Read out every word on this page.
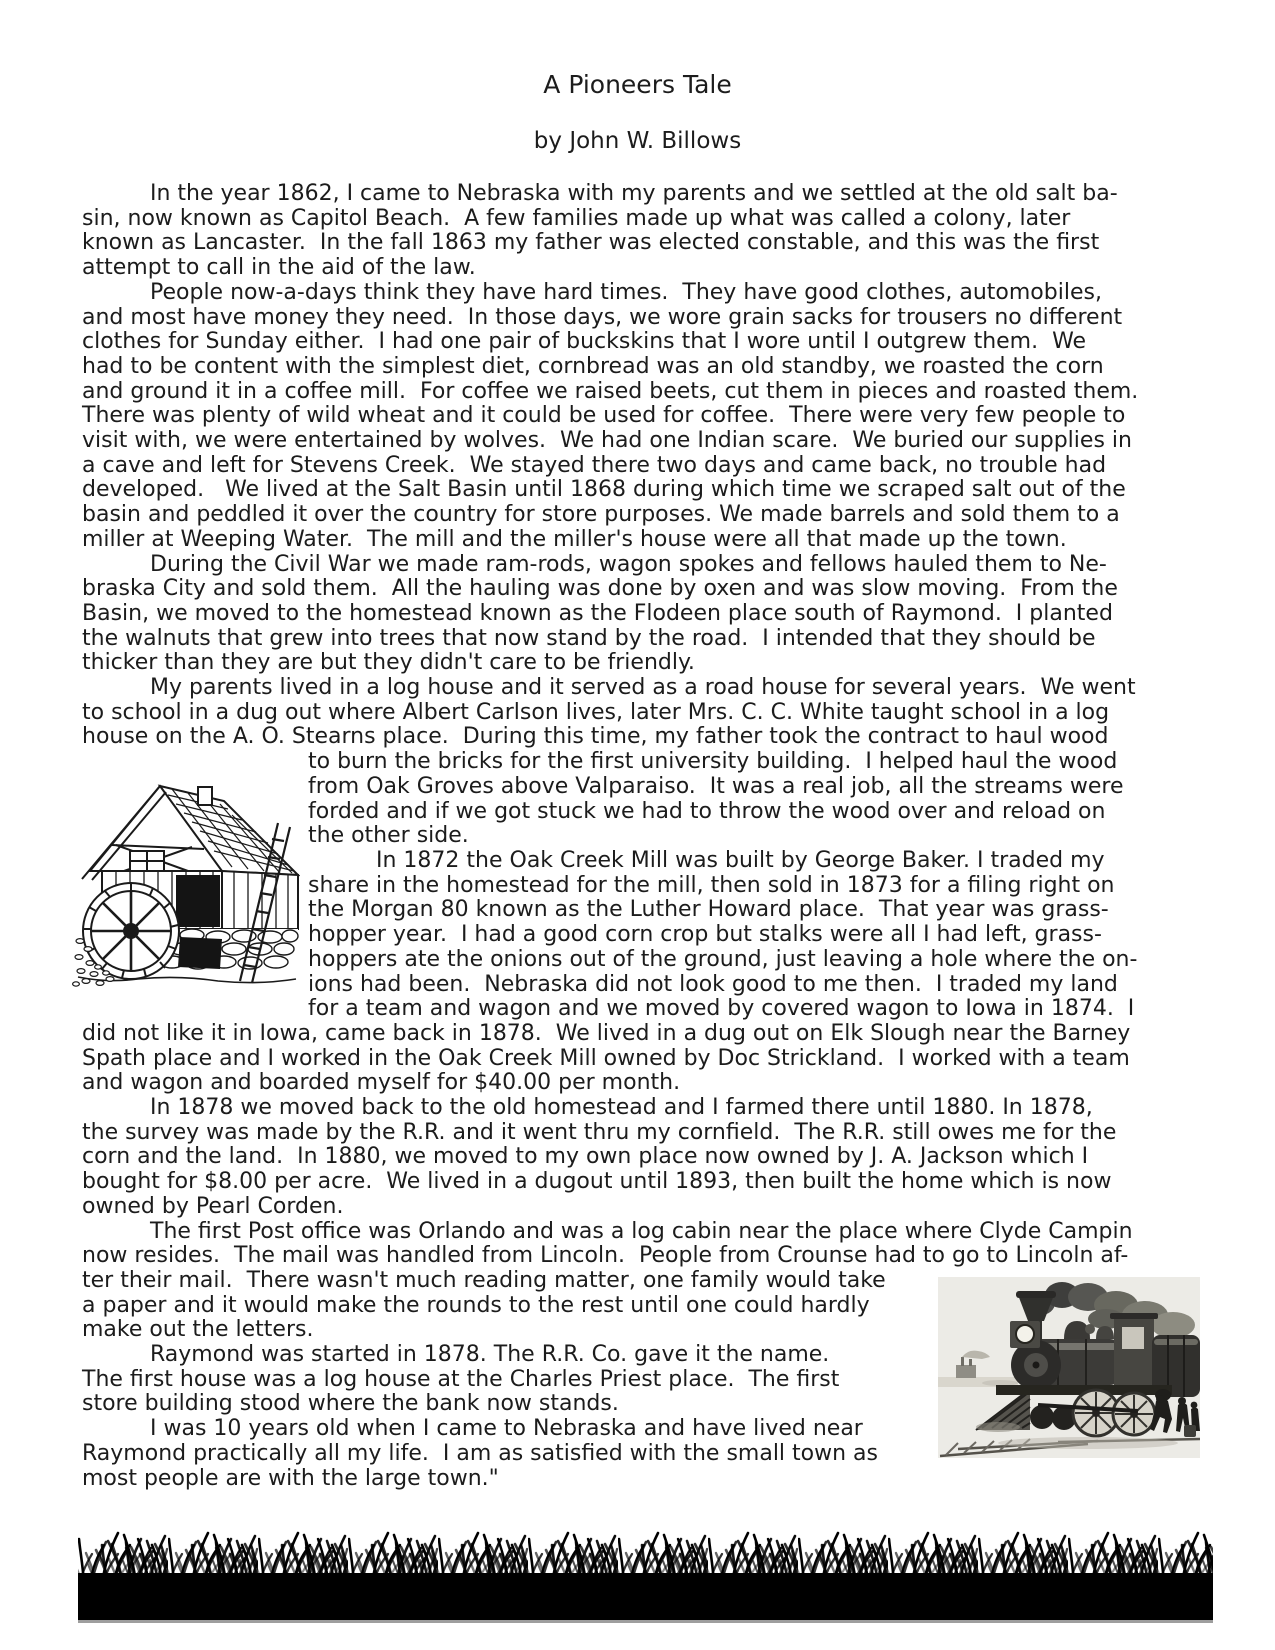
A Pioneers Tale
by John W. Billows
In the year 1862, I came to Nebraska with my parents and we settled at the old salt ba-
sin, now known as Capitol Beach.  A few families made up what was called a colony, later
known as Lancaster.  In the fall 1863 my father was elected constable, and this was the first
attempt to call in the aid of the law.
People now-a-days think they have hard times.  They have good clothes, automobiles,
and most have money they need.  In those days, we wore grain sacks for trousers no different
clothes for Sunday either.  I had one pair of buckskins that I wore until I outgrew them.  We
had to be content with the simplest diet, cornbread was an old standby, we roasted the corn
and ground it in a coffee mill.  For coffee we raised beets, cut them in pieces and roasted them.
There was plenty of wild wheat and it could be used for coffee.  There were very few people to
visit with, we were entertained by wolves.  We had one Indian scare.  We buried our supplies in
a cave and left for Stevens Creek.  We stayed there two days and came back, no trouble had
developed.   We lived at the Salt Basin until 1868 during which time we scraped salt out of the
basin and peddled it over the country for store purposes. We made barrels and sold them to a
miller at Weeping Water.  The mill and the miller's house were all that made up the town.
During the Civil War we made ram-rods, wagon spokes and fellows hauled them to Ne-
braska City and sold them.  All the hauling was done by oxen and was slow moving.  From the
Basin, we moved to the homestead known as the Flodeen place south of Raymond.  I planted
the walnuts that grew into trees that now stand by the road.  I intended that they should be
thicker than they are but they didn't care to be friendly.
My parents lived in a log house and it served as a road house for several years.  We went
to school in a dug out where Albert Carlson lives, later Mrs. C. C. White taught school in a log
house on the A. O. Stearns place.  During this time, my father took the contract to haul wood
to burn the bricks for the first university building.  I helped haul the wood
from Oak Groves above Valparaiso.  It was a real job, all the streams were
forded and if we got stuck we had to throw the wood over and reload on
the other side.
In 1872 the Oak Creek Mill was built by George Baker. I traded my
share in the homestead for the mill, then sold in 1873 for a filing right on
the Morgan 80 known as the Luther Howard place.  That year was grass-
hopper year.  I had a good corn crop but stalks were all I had left, grass-
hoppers ate the onions out of the ground, just leaving a hole where the on-
ions had been.  Nebraska did not look good to me then.  I traded my land
for a team and wagon and we moved by covered wagon to Iowa in 1874.  I
did not like it in Iowa, came back in 1878.  We lived in a dug out on Elk Slough near the Barney
Spath place and I worked in the Oak Creek Mill owned by Doc Strickland.  I worked with a team
and wagon and boarded myself for $40.00 per month.
In 1878 we moved back to the old homestead and I farmed there until 1880. In 1878,
the survey was made by the R.R. and it went thru my cornfield.  The R.R. still owes me for the
corn and the land.  In 1880, we moved to my own place now owned by J. A. Jackson which I
bought for $8.00 per acre.  We lived in a dugout until 1893, then built the home which is now
owned by Pearl Corden.
The first Post office was Orlando and was a log cabin near the place where Clyde Campin
now resides.  The mail was handled from Lincoln.  People from Crounse had to go to Lincoln af-
ter their mail.  There wasn't much reading matter, one family would take
a paper and it would make the rounds to the rest until one could hardly
make out the letters.
Raymond was started in 1878. The R.R. Co. gave it the name.
The first house was a log house at the Charles Priest place.  The first
store building stood where the bank now stands.
I was 10 years old when I came to Nebraska and have lived near
Raymond practically all my life.  I am as satisfied with the small town as
most people are with the large town."
